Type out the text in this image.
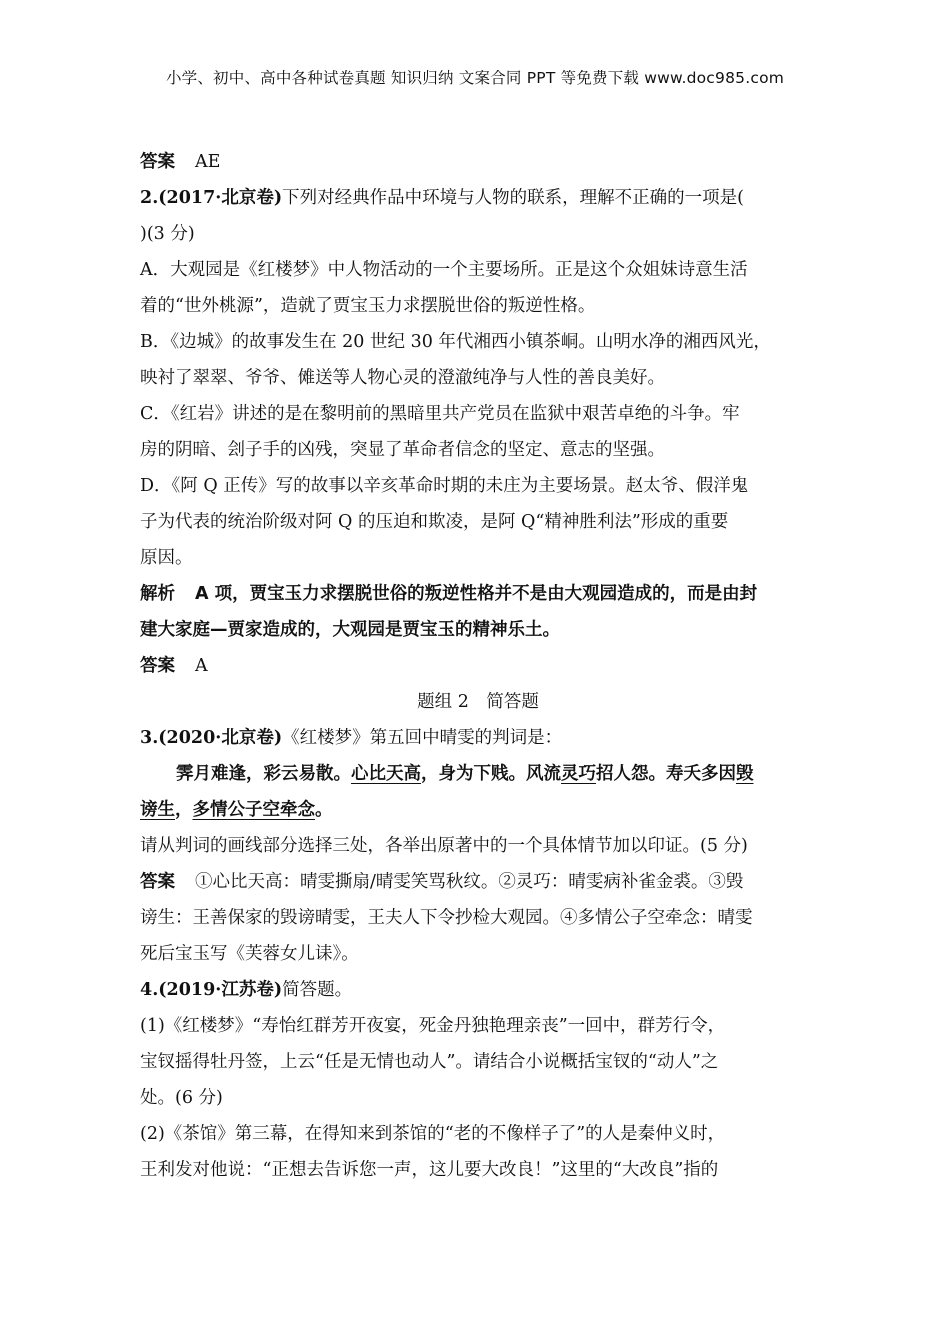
小学、初中、高中各种试卷真题 知识归纳 文案合同 PPT 等免费下载 www.doc985.com
答案 AE
2.(2017·北京卷)下列对经典作品中环境与人物的联系，理解不正确的一项是(
)(3 分)
A．大观园是《红楼梦》中人物活动的一个主要场所。正是这个众姐妹诗意生活
着的“世外桃源”，造就了贾宝玉力求摆脱世俗的叛逆性格。
B．《边城》的故事发生在 20 世纪 30 年代湘西小镇茶峒。山明水净的湘西风光，
映衬了翠翠、爷爷、傩送等人物心灵的澄澈纯净与人性的善良美好。
C．《红岩》讲述的是在黎明前的黑暗里共产党员在监狱中艰苦卓绝的斗争。牢
房的阴暗、刽子手的凶残，突显了革命者信念的坚定、意志的坚强。
D．《阿 Q 正传》写的故事以辛亥革命时期的未庄为主要场景。赵太爷、假洋鬼
子为代表的统治阶级对阿 Q 的压迫和欺凌，是阿 Q“精神胜利法”形成的重要
原因。
解析 A 项，贾宝玉力求摆脱世俗的叛逆性格并不是由大观园造成的，而是由封
建大家庭—贾家造成的，大观园是贾宝玉的精神乐土。
答案 A
题组 2　简答题
3.(2020·北京卷)《红楼梦》第五回中晴雯的判词是：
霁月难逢，彩云易散。心比天高，身为下贱。风流灵巧招人怨。寿夭多因毁
谤生，多情公子空牵念。
请从判词的画线部分选择三处，各举出原著中的一个具体情节加以印证。(5 分)
答案 ①心比天高：晴雯撕扇/晴雯笑骂秋纹。②灵巧：晴雯病补雀金裘。③毁
谤生：王善保家的毁谤晴雯，王夫人下令抄检大观园。④多情公子空牵念：晴雯
死后宝玉写《芙蓉女儿诔》。
4.(2019·江苏卷)简答题。
(1)《红楼梦》“寿怡红群芳开夜宴，死金丹独艳理亲丧”一回中，群芳行令，
宝钗摇得牡丹签，上云“任是无情也动人”。请结合小说概括宝钗的“动人”之
处。(6 分)
(2)《茶馆》第三幕，在得知来到茶馆的“老的不像样子了”的人是秦仲义时，
王利发对他说：“正想去告诉您一声，这儿要大改良！”这里的“大改良”指的
